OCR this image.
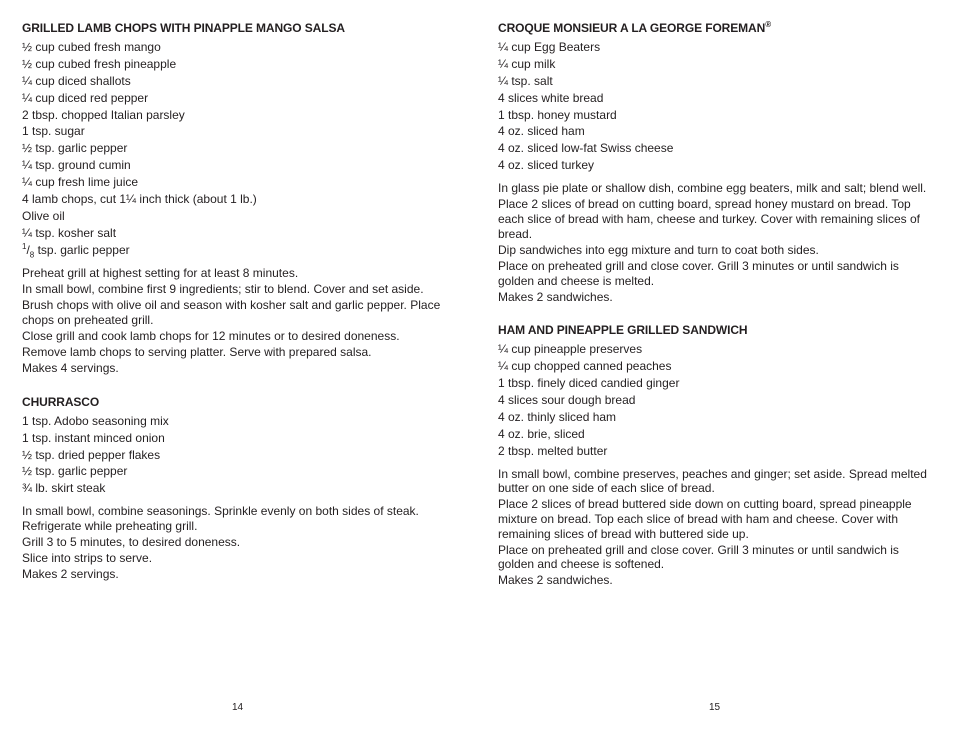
GRILLED LAMB CHOPS WITH PINAPPLE MANGO SALSA
½ cup cubed fresh mango
½ cup cubed fresh pineapple
¼ cup diced shallots
¼ cup diced red pepper
2 tbsp. chopped Italian parsley
1 tsp. sugar
½ tsp. garlic pepper
¼ tsp. ground cumin
¼ cup fresh lime juice
4 lamb chops, cut 1¼ inch thick (about 1 lb.)
Olive oil
¼ tsp. kosher salt
$^1/_8$ tsp. garlic pepper

Preheat grill at highest setting for at least 8 minutes.

In small bowl, combine first 9 ingredients; stir to blend. Cover and set aside.

Brush chops with olive oil and season with kosher salt and garlic pepper. Place chops on preheated grill.

Close grill and cook lamb chops for 12 minutes or to desired doneness.

Remove lamb chops to serving platter. Serve with prepared salsa.

Makes 4 servings.

CHURRASCO
1 tsp. Adobo seasoning mix
1 tsp. instant minced onion
½ tsp. dried pepper flakes
½ tsp. garlic pepper
¾ lb. skirt steak

In small bowl, combine seasonings. Sprinkle evenly on both sides of steak. Refrigerate while preheating grill.

Grill 3 to 5 minutes, to desired doneness.

Slice into strips to serve.

Makes 2 servings.

14
CROQUE MONSIEUR A LA GEORGE FOREMAN®
¼ cup Egg Beaters
¼ cup milk
¼ tsp. salt
4 slices white bread
1 tbsp. honey mustard
4 oz. sliced ham
4 oz. sliced low-fat Swiss cheese
4 oz. sliced turkey

In glass pie plate or shallow dish, combine egg beaters, milk and salt; blend well.

Place 2 slices of bread on cutting board, spread honey mustard on bread. Top each slice of bread with ham, cheese and turkey. Cover with remaining slices of bread.

Dip sandwiches into egg mixture and turn to coat both sides.

Place on preheated grill and close cover. Grill 3 minutes or until sandwich is golden and cheese is melted.

Makes 2 sandwiches.

HAM AND PINEAPPLE GRILLED SANDWICH
¼ cup pineapple preserves
¼ cup chopped canned peaches
1 tbsp. finely diced candied ginger
4 slices sour dough bread
4 oz. thinly sliced ham
4 oz. brie, sliced
2 tbsp. melted butter

In small bowl, combine preserves, peaches and ginger; set aside. Spread melted butter on one side of each slice of bread.

Place 2 slices of bread buttered side down on cutting board, spread pineapple mixture on bread. Top each slice of bread with ham and cheese. Cover with remaining slices of bread with buttered side up.

Place on preheated grill and close cover. Grill 3 minutes or until sandwich is golden and cheese is softened.

Makes 2 sandwiches.

15
